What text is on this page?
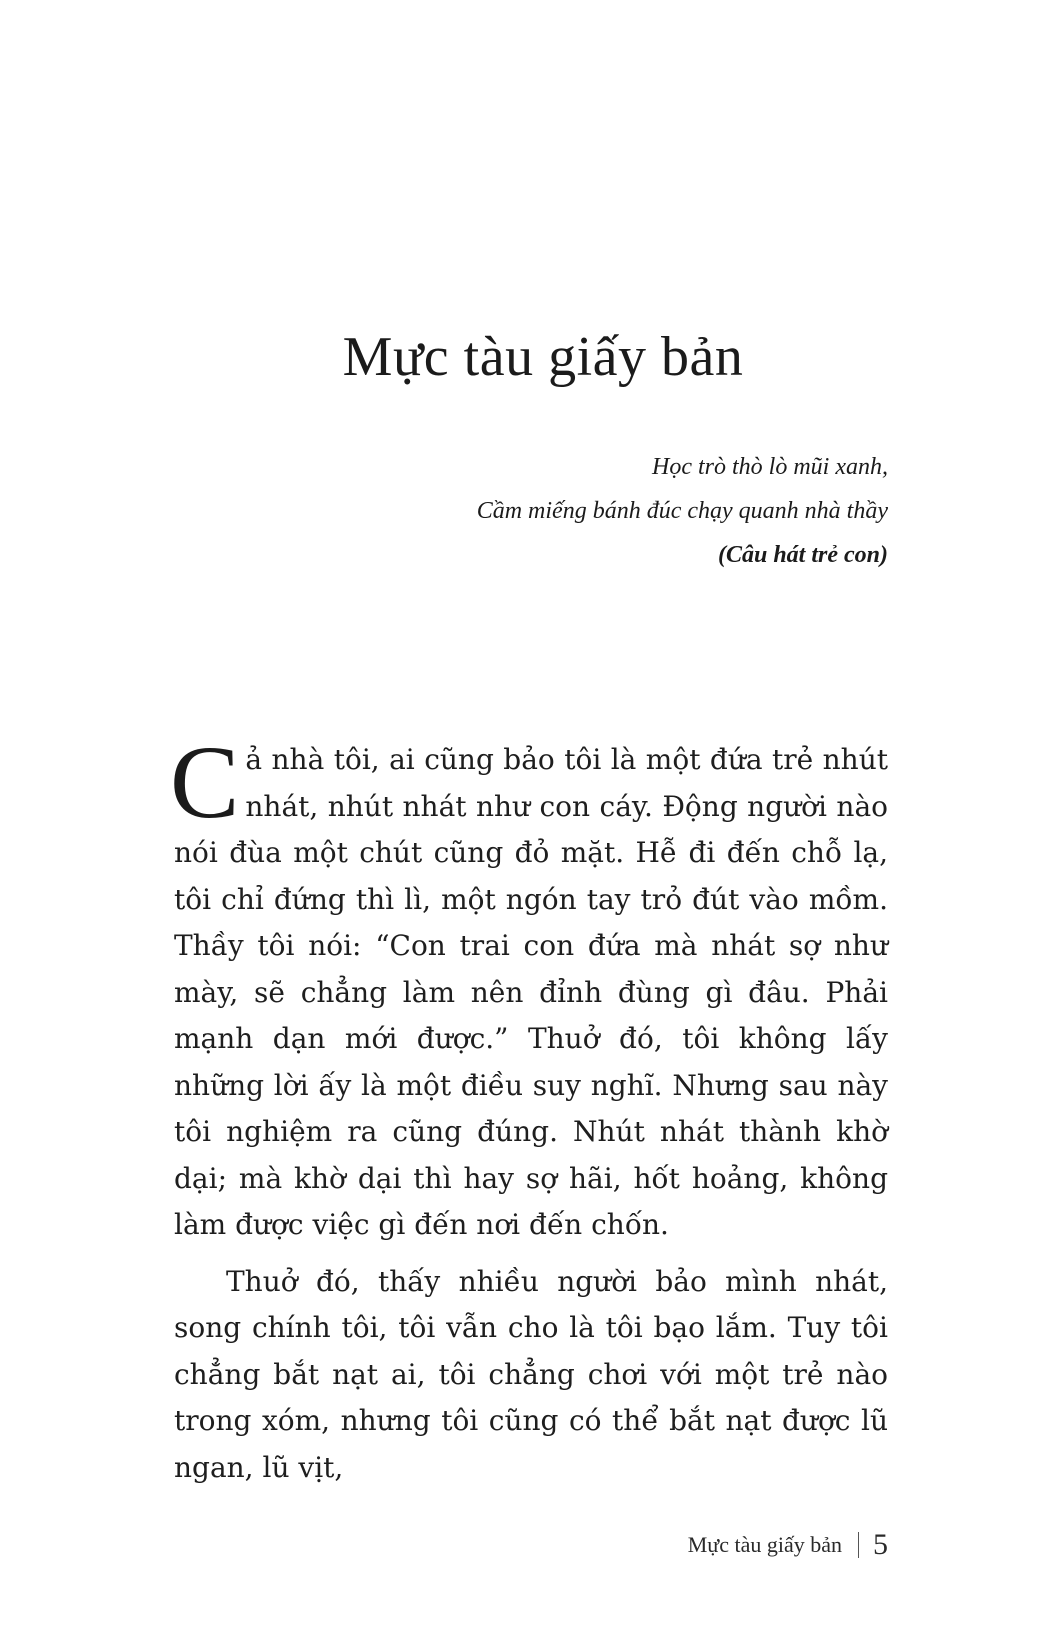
Mực tàu giấy bản
Học trò thò lò mũi xanh,
Cầm miếng bánh đúc chạy quanh nhà thầy
(Câu hát trẻ con)

Cả nhà tôi, ai cũng bảo tôi là một đứa trẻ nhút nhát, nhút nhát như con cáy. Động người nào nói đùa một chút cũng đỏ mặt. Hễ đi đến chỗ lạ, tôi chỉ đứng thì lì, một ngón tay trỏ đút vào mồm. Thầy tôi nói: “Con trai con đứa mà nhát sợ như mày, sẽ chẳng làm nên đỉnh đùng gì đâu. Phải mạnh dạn mới được.” Thuở đó, tôi không lấy những lời ấy là một điều suy nghĩ. Nhưng sau này tôi nghiệm ra cũng đúng. Nhút nhát thành khờ dại; mà khờ dại thì hay sợ hãi, hốt hoảng, không làm được việc gì đến nơi đến chốn.

Thuở đó, thấy nhiều người bảo mình nhát, song chính tôi, tôi vẫn cho là tôi bạo lắm. Tuy tôi chẳng bắt nạt ai, tôi chẳng chơi với một trẻ nào trong xóm, nhưng tôi cũng có thể bắt nạt được lũ ngan, lũ vịt,

Mực tàu giấy bản 5
